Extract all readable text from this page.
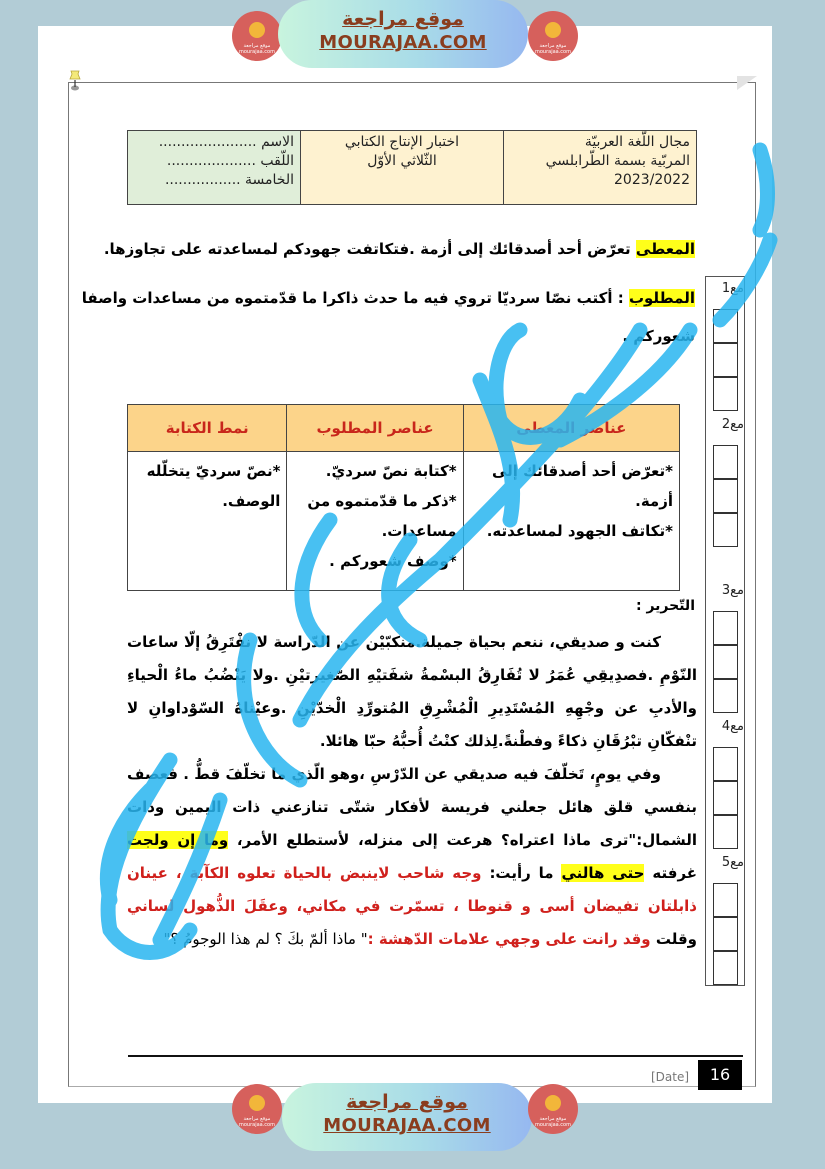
موقع مراجعة
mourajaa.com
موقع مراجعة
MOURAJAA.COM	موقع مراجعة
mourajaa.com
مجال اللّغة العربيّة
المربّية بسمة الطّرابلسي
2023/2022

اختبار الإنتاج الكتابي
الثّلاثي الأوّل

الاسم ......................
اللّقب ....................
الخامسة .................
المعطى تعرّض أحد أصدقائك إلى أزمة .فتكاتفت جهودكم لمساعدته على تجاوزها.
المطلوب : أكتب نصّا سرديّا تروي فيه ما حدث ذاكرا ما قدّمتموه من مساعدات واصفا
شعوركم .
عناصر المعطى	عناصر المطلوب	نمط الكتابة

*تعرّض أحد أصدقائك إلى
أزمة.
*تكاتف الجهود لمساعدته.

*كتابة نصّ سرديّ.
*ذكر ما قدّمتموه من
مساعدات.
*وصف شعوركم .

*نصّ سرديّ يتخلّله
الوصف.
التّحرير :
كنت و صديقي، ننعم بحياة جميلة.منكبّيْن عن الدّراسة لا نفْتَرِقُ إلّا ساعات النّوْمِ .فصدِيقِي عُمَرُ لا تُفَارِقُ البسْمةُ شفَتيْهِ الصّغيرتيْنِ .ولا يَنْضُبُ ماءُ الْحياءِ والأدبِ عن وجْهِهِ المُسْتَدِيرِ الْمُشْرِقِ المُتورِّدِ الْخدّيْنِ .وعيْناهُ السّوْداوانِ لا تنْفكّانِ تبْرُقَانِ ذكاءً وفطْنةً.لِذلك كنْتُ أُحبُّهُ حبّا هائلا.
وفي يومٍ، تَخلّفَ فيه صديقي عن الدّرْسِ ،وهو الّذي ما تخلّفَ قطُّ . فعصف بنفسي قلق هائل جعلني فريسة لأفكار شتّى تنازعني ذات اليمين وذات الشمال:"ترى ماذا اعتراه؟ هرعت إلى منزله، لأستطلع الأمر، وما إن ولجت غرفته حتى هالني ما رأيت: وجه شاحب لاينبض بالحياة تعلوه الكآبة ، عينان ذابلتان تفيضان أسى و قنوطا ، تسمّرت في مكاني، وعقَلَ الذُّهول لساني وقلت وقد رانت على وجهي علامات الدّهشة :" ماذا ألمّ بكَ ؟ لم هذا الوجومُ ؟"
مع1
مع2
مع3
مع4
مع5
[Date]	16
موقع مراجعة
mourajaa.com
موقع مراجعة
MOURAJAA.COM	موقع مراجعة
mourajaa.com
